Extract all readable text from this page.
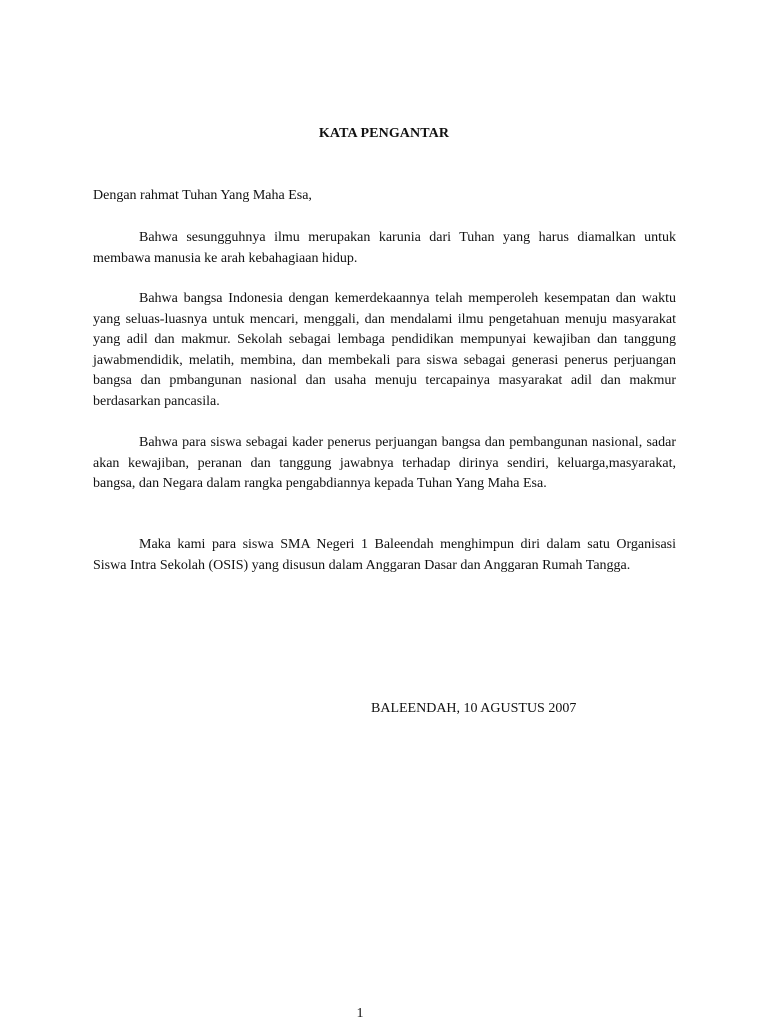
KATA PENGANTAR

Dengan rahmat Tuhan Yang Maha Esa,

Bahwa sesungguhnya ilmu merupakan karunia dari Tuhan yang harus diamalkan untuk membawa manusia ke arah kebahagiaan hidup.

Bahwa bangsa Indonesia dengan kemerdekaannya telah memperoleh kesempatan dan waktu yang seluas-luasnya untuk mencari, menggali, dan mendalami ilmu pengetahuan menuju masyarakat yang adil dan makmur. Sekolah sebagai lembaga pendidikan mempunyai kewajiban dan tanggung jawabmendidik, melatih, membina, dan membekali para siswa sebagai generasi penerus perjuangan bangsa dan pmbangunan nasional dan usaha menuju tercapainya masyarakat adil dan makmur berdasarkan pancasila.

Bahwa para siswa sebagai kader penerus perjuangan bangsa dan pembangunan nasional, sadar akan kewajiban, peranan dan tanggung jawabnya terhadap dirinya sendiri, keluarga,masyarakat, bangsa, dan Negara dalam rangka pengabdiannya kepada Tuhan Yang Maha Esa.

Maka kami para siswa SMA Negeri 1 Baleendah menghimpun diri dalam satu Organisasi Siswa Intra Sekolah (OSIS) yang disusun dalam Anggaran Dasar dan Anggaran Rumah Tangga.

BALEENDAH, 10 AGUSTUS 2007

1
